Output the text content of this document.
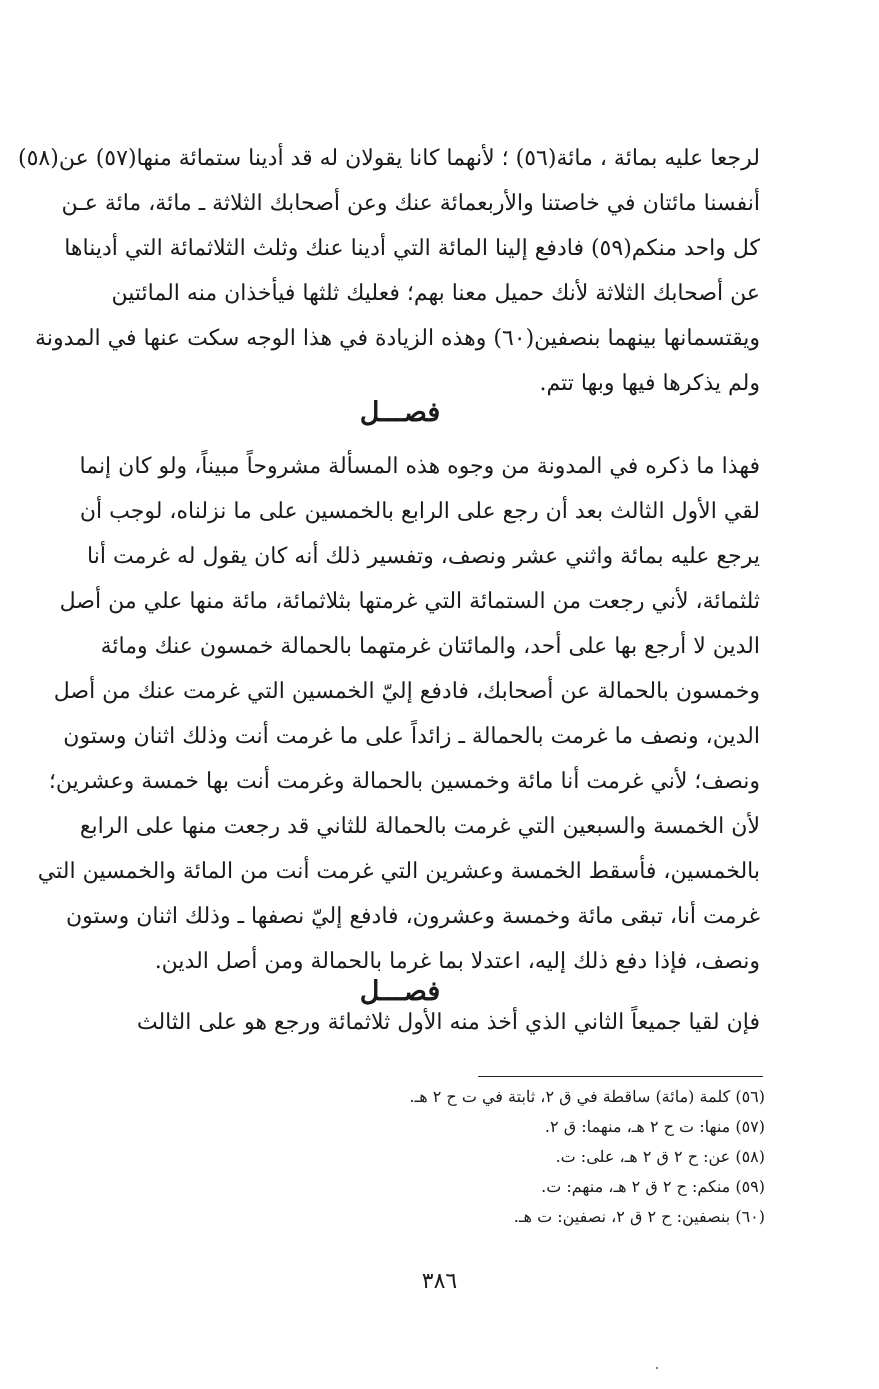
لرجعا عليه بمائة ، مائة(٥٦) ؛ لأنهما كانا يقولان له قد أدينا ستمائة منها(٥٧) عن(٥٨)
أنفسنا مائتان في خاصتنا والأربعمائة عنك وعن أصحابك الثلاثة ـ مائة، مائة عـن
كل واحد منكم(٥٩) فادفع إلينا المائة التي أدينا عنك وثلث الثلاثمائة التي أديناها
عن أصحابك الثلاثة لأنك حميل معنا بهم؛ فعليك ثلثها فيأخذان منه المائتين
ويقتسمانها بينهما بنصفين(٦٠) وهذه الزيادة في هذا الوجه سكت عنها في المدونة
ولم يذكرها فيها وبها تتم.
فصـــل
فهذا ما ذكره في المدونة من وجوه هذه المسألة مشروحاً مبيناً، ولو كان إنما
لقي الأول الثالث بعد أن رجع على الرابع بالخمسين على ما نزلناه، لوجب أن
يرجع عليه بمائة واثني عشر ونصف، وتفسير ذلك أنه كان يقول له غرمت أنا
ثلثمائة، لأني رجعت من الستمائة التي غرمتها بثلاثمائة، مائة منها علي من أصل
الدين لا أرجع بها على أحد، والمائتان غرمتهما بالحمالة خمسون عنك ومائة
وخمسون بالحمالة عن أصحابك، فادفع إليّ الخمسين التي غرمت عنك من أصل
الدين، ونصف ما غرمت بالحمالة ـ زائداً على ما غرمت أنت وذلك اثنان وستون
ونصف؛ لأني غرمت أنا مائة وخمسين بالحمالة وغرمت أنت بها خمسة وعشرين؛
لأن الخمسة والسبعين التي غرمت بالحمالة للثاني قد رجعت منها على الرابع
بالخمسين، فأسقط الخمسة وعشرين التي غرمت أنت من المائة والخمسين التي
غرمت أنا، تبقى مائة وخمسة وعشرون، فادفع إليّ نصفها ـ وذلك اثنان وستون
ونصف، فإذا دفع ذلك إليه، اعتدلا بما غرما بالحمالة ومن أصل الدين.
فصـــل
فإن لقيا جميعاً الثاني الذي أخذ منه الأول ثلاثمائة ورجع هو على الثالث
(٥٦) كلمة (مائة) ساقطة في ق ٢، ثابتة في ت ح ٢ هـ.
(٥٧) منها: ت ح ٢ هـ، منهما: ق ٢.
(٥٨) عن: ح ٢ ق ٢ هـ، على: ت.
(٥٩) منكم: ح ٢ ق ٢ هـ، منهم: ت.
(٦٠) بنصفين: ح ٢ ق ٢، نصفين: ت هـ.
٣٨٦
